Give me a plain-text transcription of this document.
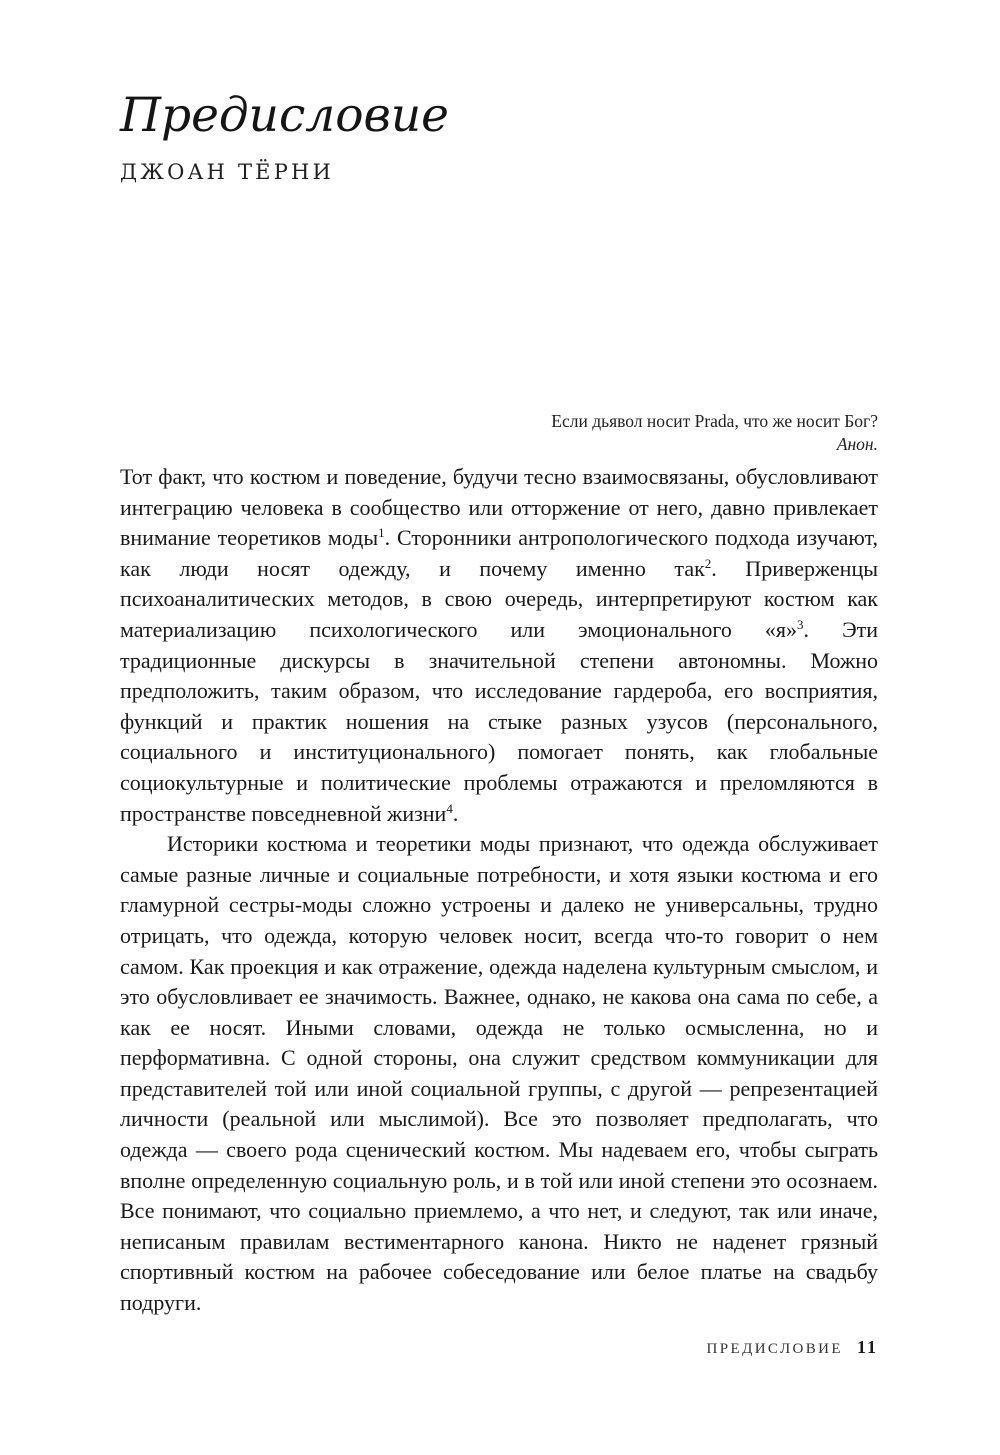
Предисловие
ДЖОАН ТЁРНИ
Если дьявол носит Prada, что же носит Бог?
Анон.

Тот факт, что костюм и поведение, будучи тесно взаимосвязаны, обусловливают интеграцию человека в сообщество или отторжение от него, давно привлекает внимание теоретиков моды$^1$. Сторонники антропологического подхода изучают, как люди носят одежду, и почему именно так$^2$. Приверженцы психоаналитических методов, в свою очередь, интерпретируют костюм как материализацию психологического или эмоционального «я»$^3$. Эти традиционные дискурсы в значительной степени автономны. Можно предположить, таким образом, что исследование гардероба, его восприятия, функций и практик ношения на стыке разных узусов (персонального, социального и институционального) помогает понять, как глобальные социокультурные и политические проблемы отражаются и преломляются в пространстве повседневной жизни$^4$.

Историки костюма и теоретики моды признают, что одежда обслуживает самые разные личные и социальные потребности, и хотя языки костюма и его гламурной сестры-моды сложно устроены и далеко не универсальны, трудно отрицать, что одежда, которую человек носит, всегда что-то говорит о нем самом. Как проекция и как отражение, одежда наделена культурным смыслом, и это обусловливает ее значимость. Важнее, однако, не какова она сама по себе, а как ее носят. Иными словами, одежда не только осмысленна, но и перформативна. С одной стороны, она служит средством коммуникации для представителей той или иной социальной группы, с другой — репрезентацией личности (реальной или мыслимой). Все это позволяет предполагать, что одежда — своего рода сценический костюм. Мы надеваем его, чтобы сыграть вполне определенную социальную роль, и в той или иной степени это осознаем. Все понимают, что социально приемлемо, а что нет, и следуют, так или иначе, неписаным правилам вестиментарного канона. Никто не наденет грязный спортивный костюм на рабочее собеседование или белое платье на свадьбу подруги.

ПРЕДИСЛОВИЕ 11
